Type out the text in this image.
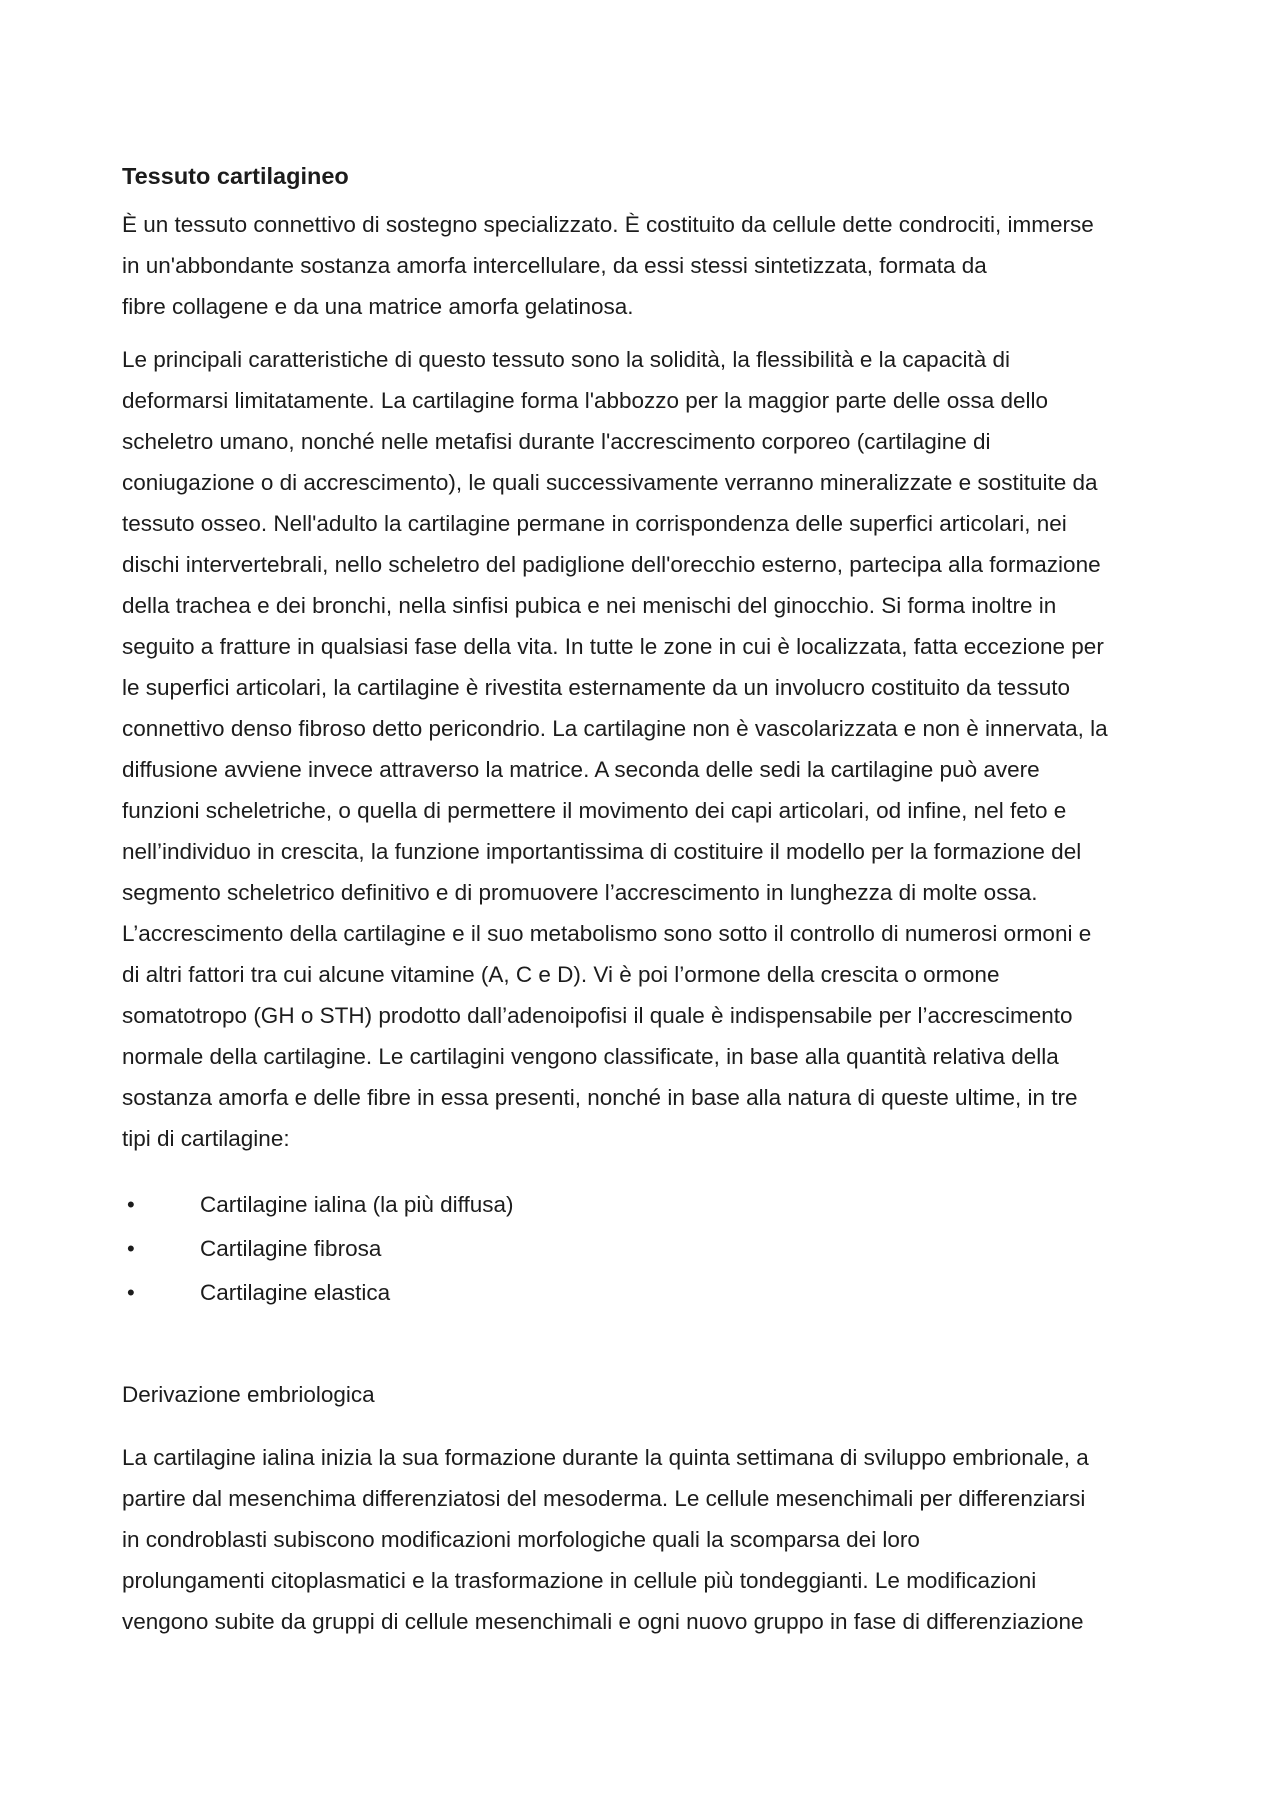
Tessuto cartilagineo
È un tessuto connettivo di sostegno specializzato. È costituito da cellule dette condrociti, immerse
in un'abbondante sostanza amorfa intercellulare, da essi stessi sintetizzata, formata da
fibre collagene e da una matrice amorfa gelatinosa.
Le principali caratteristiche di questo tessuto sono la solidità, la flessibilità e la capacità di
deformarsi limitatamente. La cartilagine forma l'abbozzo per la maggior parte delle ossa dello
scheletro umano, nonché nelle metafisi durante l'accrescimento corporeo (cartilagine di
coniugazione o di accrescimento), le quali successivamente verranno mineralizzate e sostituite da
tessuto osseo. Nell'adulto la cartilagine permane in corrispondenza delle superfici articolari, nei
dischi intervertebrali, nello scheletro del padiglione dell'orecchio esterno, partecipa alla formazione
della trachea e dei bronchi, nella sinfisi pubica e nei menischi del ginocchio. Si forma inoltre in
seguito a fratture in qualsiasi fase della vita. In tutte le zone in cui è localizzata, fatta eccezione per
le superfici articolari, la cartilagine è rivestita esternamente da un involucro costituito da tessuto
connettivo denso fibroso detto pericondrio. La cartilagine non è vascolarizzata e non è innervata, la
diffusione avviene invece attraverso la matrice. A seconda delle sedi la cartilagine può avere
funzioni scheletriche, o quella di permettere il movimento dei capi articolari, od infine, nel feto e
nell’individuo in crescita, la funzione importantissima di costituire il modello per la formazione del
segmento scheletrico definitivo e di promuovere l’accrescimento in lunghezza di molte ossa.
L’accrescimento della cartilagine e il suo metabolismo sono sotto il controllo di numerosi ormoni e
di altri fattori tra cui alcune vitamine (A, C e D). Vi è poi l’ormone della crescita o ormone
somatotropo (GH o STH) prodotto dall’adenoipofisi il quale è indispensabile per l’accrescimento
normale della cartilagine. Le cartilagini vengono classificate, in base alla quantità relativa della
sostanza amorfa e delle fibre in essa presenti, nonché in base alla natura di queste ultime, in tre
tipi di cartilagine:
•	Cartilagine ialina (la più diffusa)
•	Cartilagine fibrosa
•	Cartilagine elastica
Derivazione embriologica
La cartilagine ialina inizia la sua formazione durante la quinta settimana di sviluppo embrionale, a
partire dal mesenchima differenziatosi del mesoderma. Le cellule mesenchimali per differenziarsi
in condroblasti subiscono modificazioni morfologiche quali la scomparsa dei loro
prolungamenti citoplasmatici e la trasformazione in cellule più tondeggianti. Le modificazioni
vengono subite da gruppi di cellule mesenchimali e ogni nuovo gruppo in fase di differenziazione
